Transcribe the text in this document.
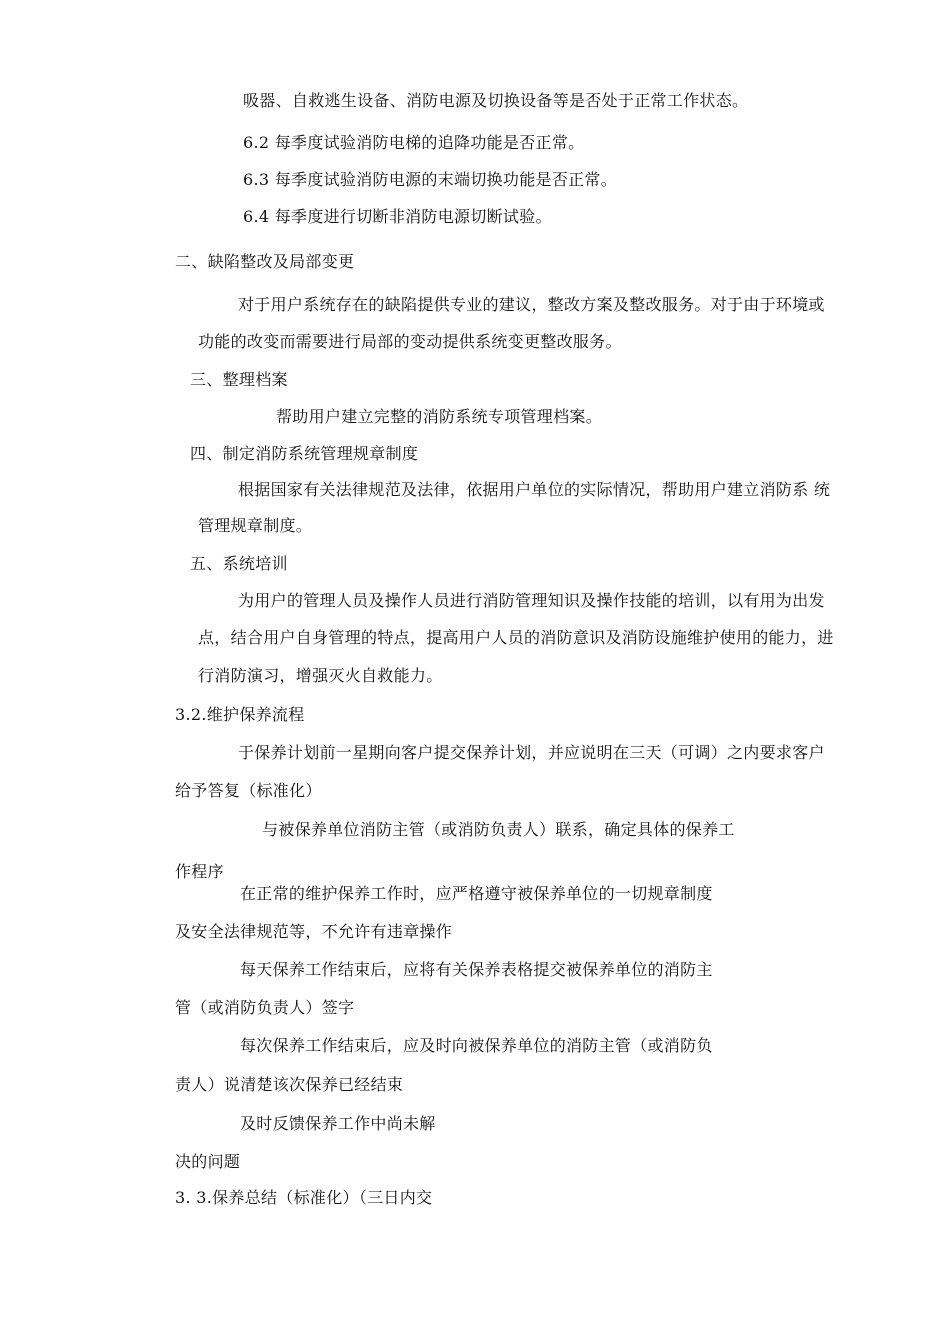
吸器、自救逃生设备、消防电源及切换设备等是否处于正常工作状态。
6.2 每季度试验消防电梯的追降功能是否正常。
6.3 每季度试验消防电源的末端切换功能是否正常。
6.4 每季度进行切断非消防电源切断试验。
二、缺陷整改及局部变更
对于用户系统存在的缺陷提供专业的建议，整改方案及整改服务。对于由于环境或
功能的改变而需要进行局部的变动提供系统变更整改服务。
三、整理档案
帮助用户建立完整的消防系统专项管理档案。
四、制定消防系统管理规章制度
根据国家有关法律规范及法律，依据用户单位的实际情况，帮助用户建立消防系 统
管理规章制度。
五、系统培训
为用户的管理人员及操作人员进行消防管理知识及操作技能的培训，以有用为出发
点，结合用户自身管理的特点，提高用户人员的消防意识及消防设施维护使用的能力，进
行消防演习，增强灭火自救能力。
3.2.维护保养流程
于保养计划前一星期向客户提交保养计划，并应说明在三天（可调）之内要求客户
给予答复（标准化）
与被保养单位消防主管（或消防负责人）联系，确定具体的保养工
作程序
在正常的维护保养工作时，应严格遵守被保养单位的一切规章制度
及安全法律规范等，不允许有违章操作
每天保养工作结束后，应将有关保养表格提交被保养单位的消防主
管（或消防负责人）签字
每次保养工作结束后，应及时向被保养单位的消防主管（或消防负
责人）说清楚该次保养已经结束
及时反馈保养工作中尚未解
决的问题
3. 3.保养总结（标准化）（三日内交
